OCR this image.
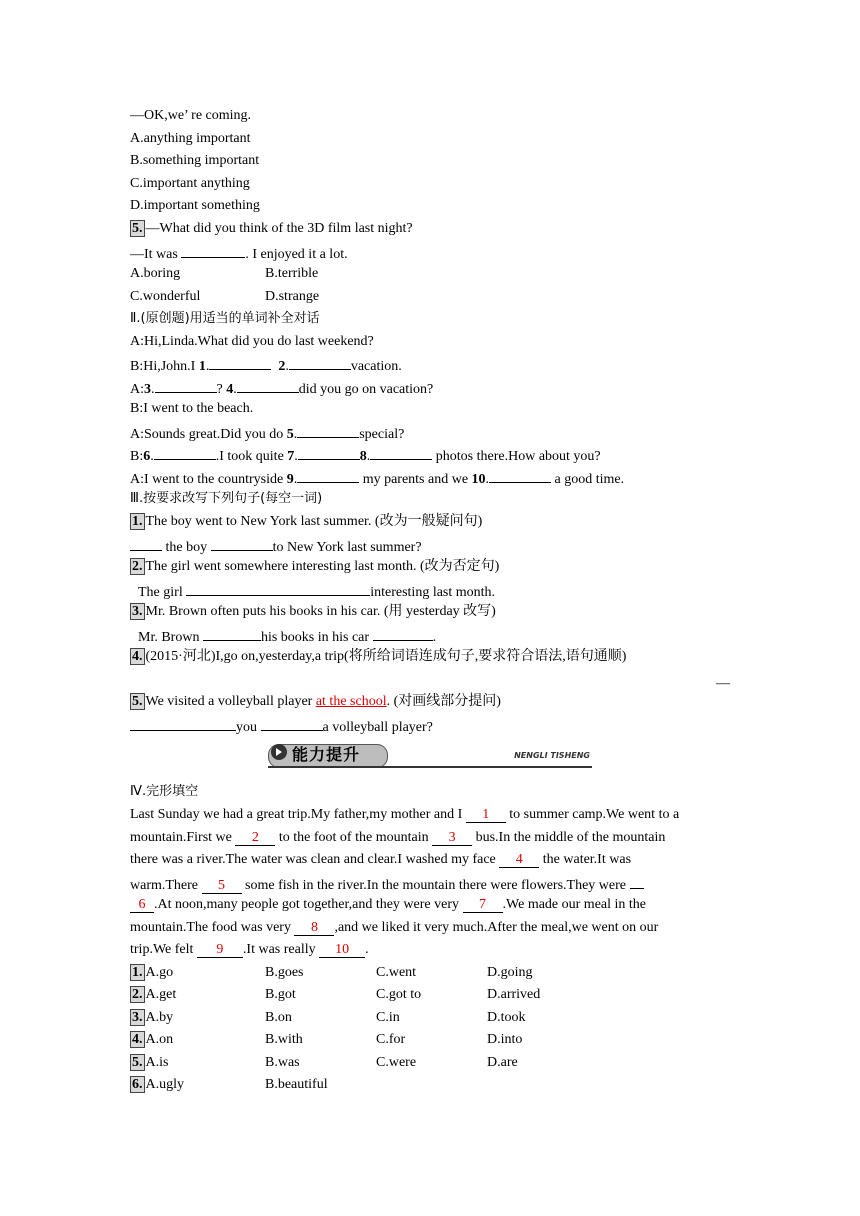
—OK,we’ re coming.
A.anything important
B.something important
C.important anything
D.important something
5. —What did you think of the 3D film last night?
—It was	. I enjoyed it a lot.
A.boring	B.terrible
C.wonderful	D.strange
Ⅱ.(原创题)用适当的单词补全对话
A:Hi,Linda.What did you do last weekend?
B:Hi,John.I 1.	2.	vacation.
A:3.	? 4.	did you go on vacation?
B:I went to the beach.
A:Sounds great.Did you do 5.	special?
B:6.	.I took quite 7.	8.	photos there.How about you?
A:I went to the countryside 9.	my parents and we 10.	a good time.
Ⅲ.按要求改写下列句子(每空一词)
1. The boy went to New York last summer. (改为一般疑问句)
the boy	to New York last summer?
2. The girl went somewhere interesting last month. (改为否定句)
The girl	interesting last month.
3. Mr. Brown often puts his books in his car. (用 yesterday 改写)
Mr. Brown	his books in his car	.
4. (2015·河北)I,go on,yesterday,a trip(将所给词语连成句子,要求符合语法,语句通顺)
—
5. We visited a volleyball player at the school. (对画线部分提问)
you	a volleyball player?
能力提升	NENGLI TISHENG
Ⅳ.完形填空
Last Sunday we had a great trip.My father,my mother and I 1 to summer camp.We went to a
mountain.First we 2 to the foot of the mountain 3 bus.In the middle of the mountain
there was a river.The water was clean and clear.I washed my face 4 the water.It was
warm.There 5 some fish in the river.In the mountain there were flowers.They were
6 .At noon,many people got together,and they were very 7 .We made our meal in the
mountain.The food was very 8 ,and we liked it very much.After the meal,we went on our
trip.We felt 9 .It was really 10 .
1. A.go	B.goes	C.went	D.going
2. A.get	B.got	C.got to	D.arrived
3. A.by	B.on	C.in	D.took
4. A.on	B.with	C.for	D.into
5. A.is	B.was	C.were	D.are
6. A.ugly	B.beautiful
